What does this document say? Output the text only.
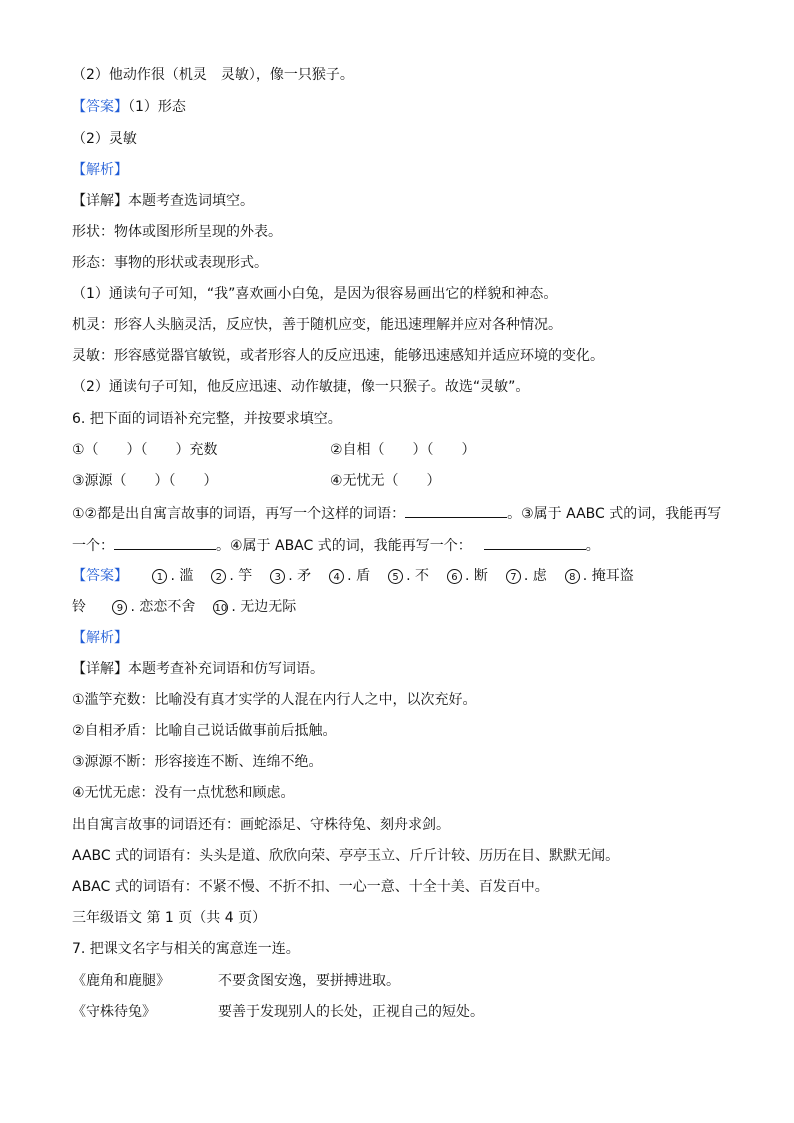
（2）他动作很（机灵　灵敏），像一只猴子。
【答案】（1）形态
（2）灵敏
【解析】
【详解】本题考查选词填空。
形状：物体或图形所呈现的外表。
形态：事物的形状或表现形式。
（1）通读句子可知，“我”喜欢画小白兔，是因为很容易画出它的样貌和神态。
机灵：形容人头脑灵活，反应快，善于随机应变，能迅速理解并应对各种情况。
灵敏：形容感觉器官敏锐，或者形容人的反应迅速，能够迅速感知并适应环境的变化。
（2）通读句子可知，他反应迅速、动作敏捷，像一只猴子。故选“灵敏”。
6. 把下面的词语补充完整，并按要求填空。
①（　　）（　　）充数	②自相（　　）（　　）
③源源（　　）（　　）	④无忧无（　　）
①②都是出自寓言故事的词语，再写一个这样的词语：	。③属于 AABC 式的词，我能再写
一个：	。④属于 ABAC 式的词，我能再写一个：	。
【答案】	1 . 滥 2 . 竽 3 . 矛 4 . 盾 5 . 不 6 . 断 7 . 虑 8 . 掩耳盗
铃	9 . 恋恋不舍 10 . 无边无际
【解析】
【详解】本题考查补充词语和仿写词语。
①滥竽充数：比喻没有真才实学的人混在内行人之中，以次充好。
②自相矛盾：比喻自己说话做事前后抵触。
③源源不断：形容接连不断、连绵不绝。
④无忧无虑：没有一点忧愁和顾虑。
出自寓言故事的词语还有：画蛇添足、守株待兔、刻舟求剑。
AABC 式的词语有：头头是道、欣欣向荣、亭亭玉立、斤斤计较、历历在目、默默无闻。
ABAC 式的词语有：不紧不慢、不折不扣、一心一意、十全十美、百发百中。
三年级语文 第 1 页（共 4 页）
7. 把课文名字与相关的寓意连一连。
《鹿角和鹿腿》	不要贪图安逸，要拼搏进取。
《守株待兔》	要善于发现别人的长处，正视自己的短处。
